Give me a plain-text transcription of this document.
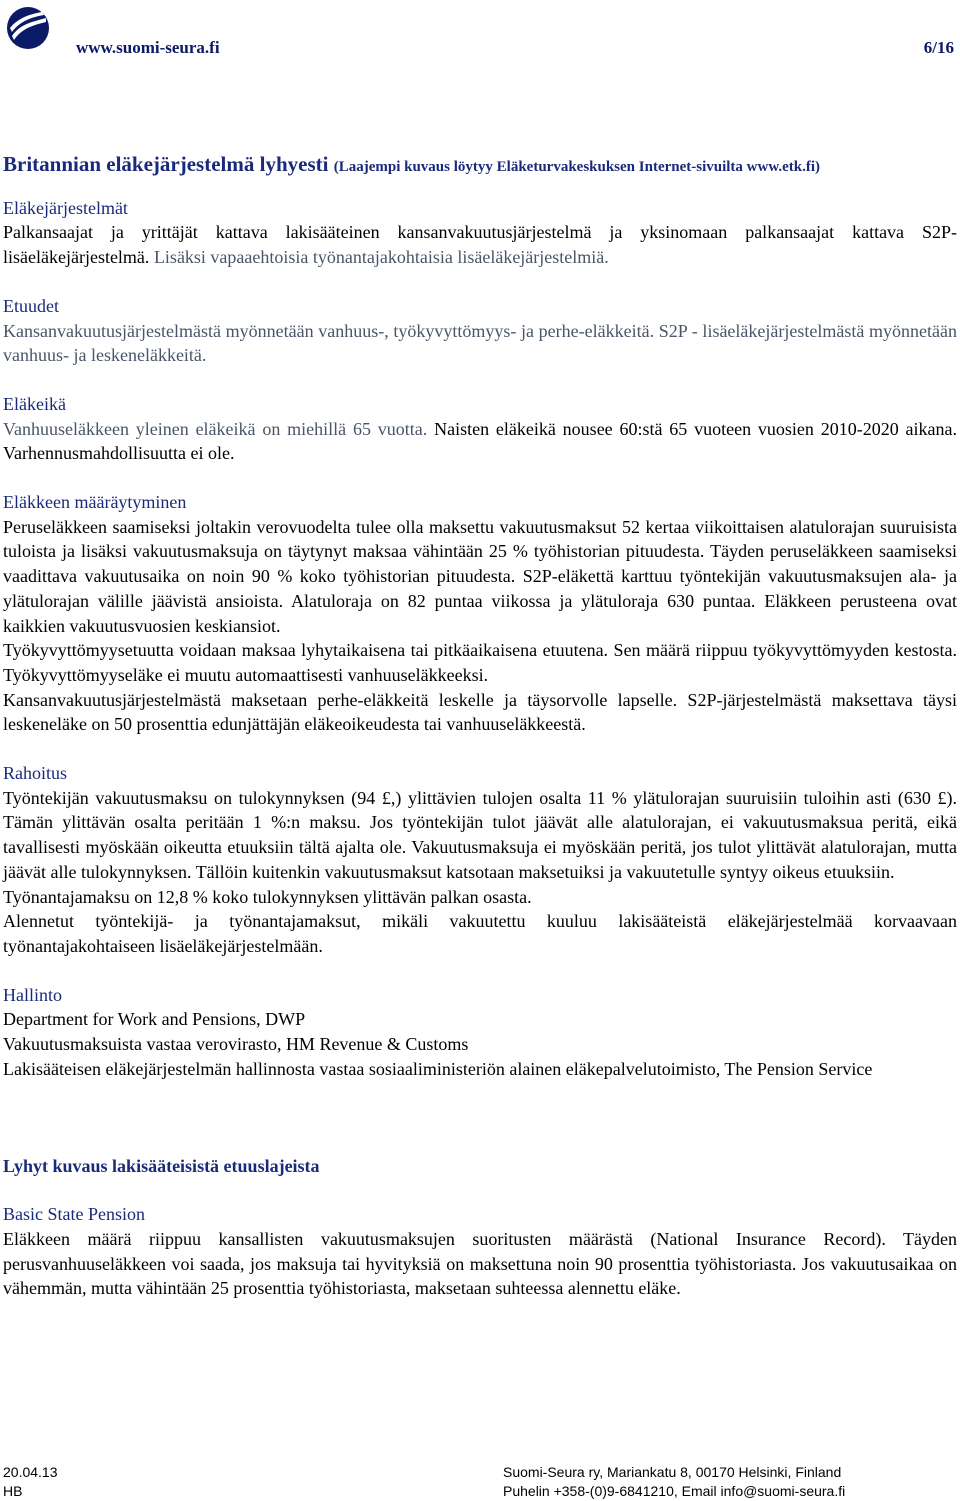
www.suomi-seura.fi	6/16
Britannian eläkejärjestelmä lyhyesti (Laajempi kuvaus löytyy Eläketurvakeskuksen Internet-sivuilta www.etk.fi)
Eläkejärjestelmät
Palkansaajat ja yrittäjät kattava lakisääteinen kansanvakuutusjärjestelmä ja yksinomaan palkansaajat kattava S2P-lisäeläkejärjestelmä. Lisäksi vapaaehtoisia työnantajakohtaisia lisäeläkejärjestelmiä.
Etuudet
Kansanvakuutusjärjestelmästä myönnetään vanhuus-, työkyvyttömyys- ja perhe-eläkkeitä. S2P - lisäeläkejärjestelmästä myönnetään vanhuus- ja leskeneläkkeitä.
Eläkeikä
Vanhuuseläkkeen yleinen eläkeikä on miehillä 65 vuotta. Naisten eläkeikä nousee 60:stä 65 vuoteen vuosien 2010-2020 aikana. Varhennusmahdollisuutta ei ole.
Eläkkeen määräytyminen
Peruseläkkeen saamiseksi joltakin verovuodelta tulee olla maksettu vakuutusmaksut 52 kertaa viikoittaisen alatulorajan suuruisista tuloista ja lisäksi vakuutusmaksuja on täytynyt maksaa vähintään 25 % työhistorian pituudesta. Täyden peruseläkkeen saamiseksi vaadittava vakuutusaika on noin 90 % koko työhistorian pituudesta. S2P-eläkettä karttuu työntekijän vakuutusmaksujen ala- ja ylätulorajan välille jäävistä ansioista. Alatuloraja on 82 puntaa viikossa ja ylätuloraja 630 puntaa. Eläkkeen perusteena ovat kaikkien vakuutusvuosien keskiansiot.
Työkyvyttömyysetuutta voidaan maksaa lyhytaikaisena tai pitkäaikaisena etuutena. Sen määrä riippuu työkyvyttömyyden kestosta. Työkyvyttömyyseläke ei muutu automaattisesti vanhuuseläkkeeksi.
Kansanvakuutusjärjestelmästä maksetaan perhe-eläkkeitä leskelle ja täysorvolle lapselle. S2P-järjestelmästä maksettava täysi leskeneläke on 50 prosenttia edunjättäjän eläkeoikeudesta tai vanhuuseläkkeestä.
Rahoitus
Työntekijän vakuutusmaksu on tulokynnyksen (94 £,) ylittävien tulojen osalta 11 % ylätulorajan suuruisiin tuloihin asti (630 £). Tämän ylittävän osalta peritään 1 %:n maksu. Jos työntekijän tulot jäävät alle alatulorajan, ei vakuutusmaksua peritä, eikä tavallisesti myöskään oikeutta etuuksiin tältä ajalta ole. Vakuutusmaksuja ei myöskään peritä, jos tulot ylittävät alatulorajan, mutta jäävät alle tulokynnyksen. Tällöin kuitenkin vakuutusmaksut katsotaan maksetuiksi ja vakuutetulle syntyy oikeus etuuksiin.
Työnantajamaksu on 12,8 % koko tulokynnyksen ylittävän palkan osasta.
Alennetut työntekijä- ja työnantajamaksut, mikäli vakuutettu kuuluu lakisääteistä eläkejärjestelmää korvaavaan työnantajakohtaiseen lisäeläkejärjestelmään.
Hallinto
Department for Work and Pensions, DWP
Vakuutusmaksuista vastaa verovirasto, HM Revenue & Customs
Lakisääteisen eläkejärjestelmän hallinnosta vastaa sosiaaliministeriön alainen eläkepalvelutoimisto, The Pension Service
Lyhyt kuvaus lakisääteisistä etuuslajeista
Basic State Pension
Eläkkeen määrä riippuu kansallisten vakuutusmaksujen suoritusten määrästä (National Insurance Record). Täyden perusvanhuuseläkkeen voi saada, jos maksuja tai hyvityksiä on maksettuna noin 90 prosenttia työhistoriasta. Jos vakuutusaikaa on vähemmän, mutta vähintään 25 prosenttia työhistoriasta, maksetaan suhteessa alennettu eläke.
20.04.13
HB
Suomi-Seura ry, Mariankatu 8, 00170 Helsinki, Finland
Puhelin +358-(0)9-6841210, Email info@suomi-seura.fi
